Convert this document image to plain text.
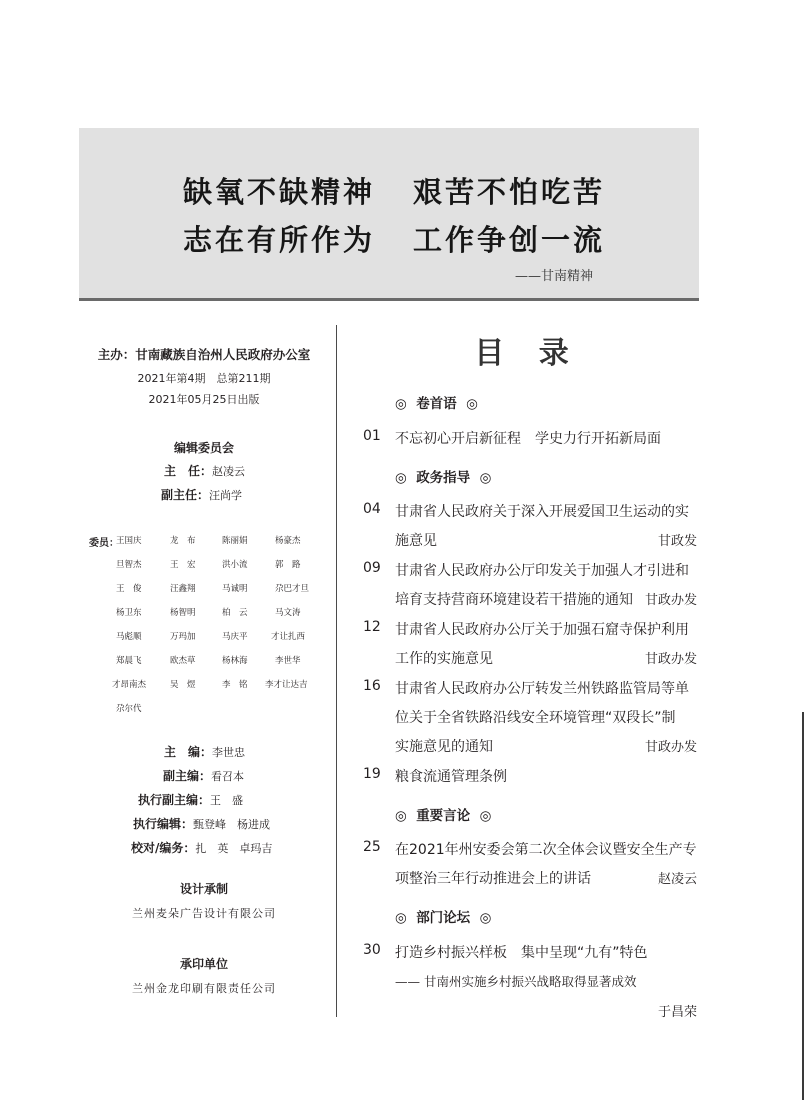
缺氧不缺精神 艰苦不怕吃苦
志在有所作为 工作争创一流
——甘南精神
主办：甘南藏族自治州人民政府办公室
2021年第4期　总第211期
2021年05月25日出版
编辑委员会
主　任：赵凌云
副主任：汪尚学
委员：
王国庆	龙　布	陈丽娟	杨豪杰
旦智杰	王　宏	洪小流	郭　路
王　俊	汪鑫翔	马诚明	尕巴才旦
杨卫东	杨智明	柏　云	马文涛
马彪顺	万玛加	马庆平	才让扎西
郑晨飞	欧杰草	杨林海	李世华
才昂南杰	吴　煜	李　铭 李才让达吉
尕尔代
主　编：李世忠
副主编：看召本
执行副主编：王　盛
执行编辑：甄登峰　杨进成
校对/编务：扎　英　卓玛吉
设计承制
兰州麦朵广告设计有限公司
承印单位
兰州金龙印刷有限责任公司
目 录
◎ 卷首语 ◎
01 不忘初心开启新征程　学史力行开拓新局面
◎ 政务指导 ◎
04 甘肃省人民政府关于深入开展爱国卫生运动的实
施意见	甘政发
09 甘肃省人民政府办公厅印发关于加强人才引进和
培育支持营商环境建设若干措施的通知 甘政办发
12 甘肃省人民政府办公厅关于加强石窟寺保护利用
工作的实施意见	甘政办发
16 甘肃省人民政府办公厅转发兰州铁路监管局等单
位关于全省铁路沿线安全环境管理“双段长”制
实施意见的通知	甘政办发
19 粮食流通管理条例
◎ 重要言论 ◎
25 在2021年州安委会第二次全体会议暨安全生产专
项整治三年行动推进会上的讲话	赵凌云
◎ 部门论坛 ◎
30 打造乡村振兴样板　集中呈现“九有”特色
—— 甘南州实施乡村振兴战略取得显著成效
于昌荣
